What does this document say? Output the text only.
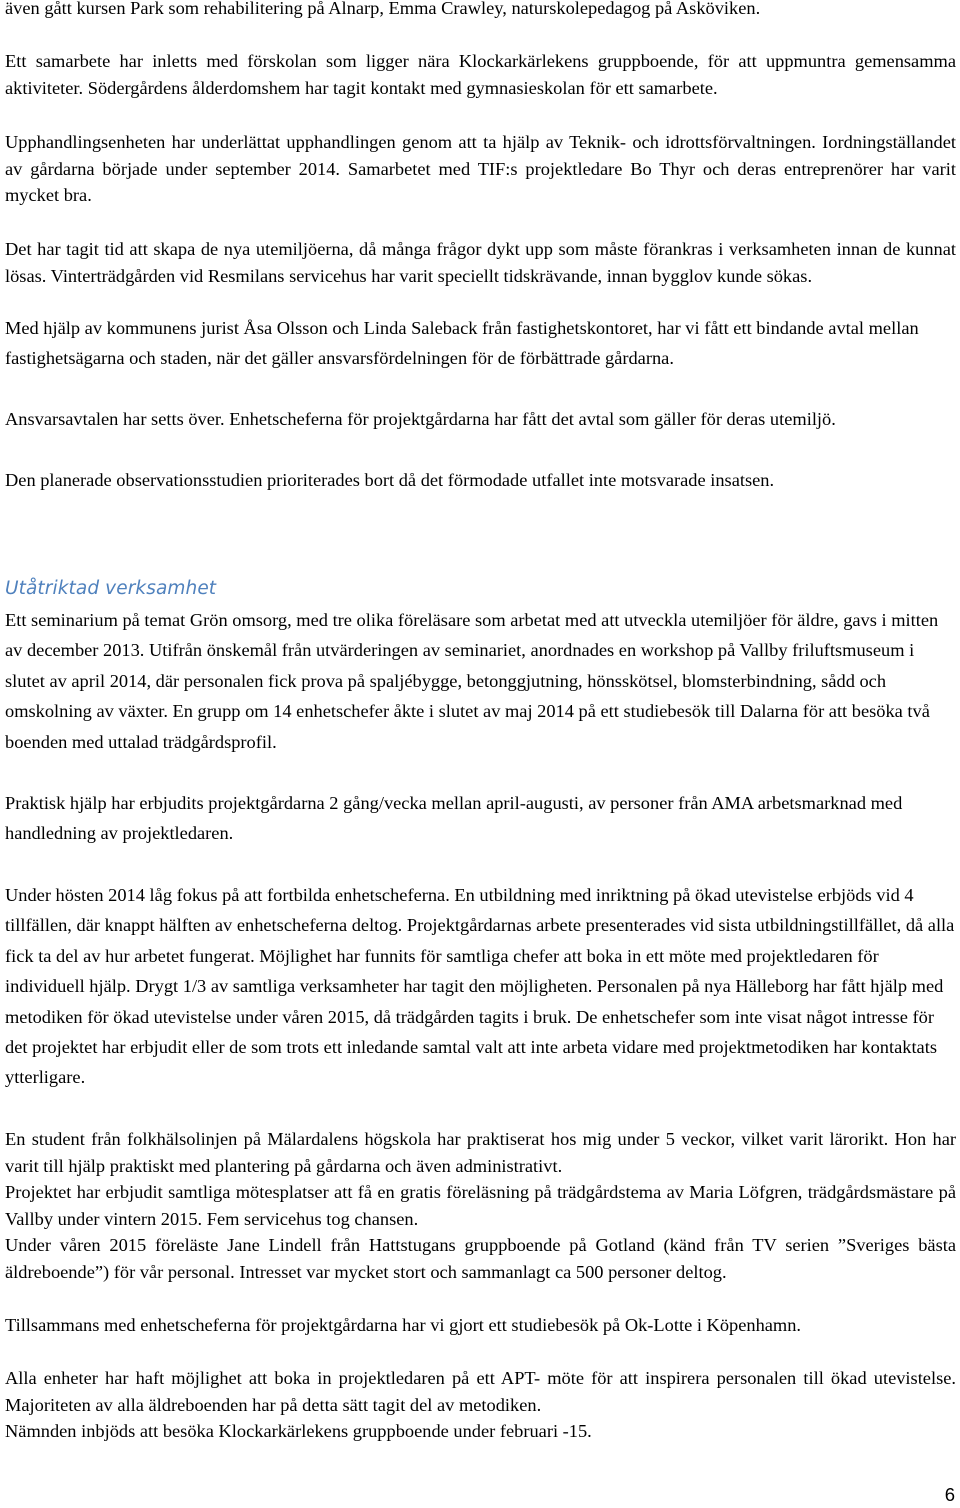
även gått kursen Park som rehabilitering på Alnarp, Emma Crawley, naturskolepedagog på Asköviken.

Ett samarbete har inletts med förskolan som ligger nära Klockarkärlekens gruppboende, för att uppmuntra gemensamma aktiviteter. Södergårdens ålderdomshem har tagit kontakt med gymnasieskolan för ett samarbete.

Upphandlingsenheten har underlättat upphandlingen genom att ta hjälp av Teknik- och idrottsförvaltningen. Iordningställandet av gårdarna började under september 2014. Samarbetet med TIF:s projektledare Bo Thyr och deras entreprenörer har varit mycket bra.

Det har tagit tid att skapa de nya utemiljöerna, då många frågor dykt upp som måste förankras i verksamheten innan de kunnat lösas. Vinterträdgården vid Resmilans servicehus har varit speciellt tidskrävande, innan bygglov kunde sökas.

Med hjälp av kommunens jurist Åsa Olsson och Linda Saleback från fastighetskontoret, har vi fått ett bindande avtal mellan fastighetsägarna och staden, när det gäller ansvarsfördelningen för de förbättrade gårdarna.

Ansvarsavtalen har setts över. Enhetscheferna för projektgårdarna har fått det avtal som gäller för deras utemiljö.

Den planerade observationsstudien prioriterades bort då det förmodade utfallet inte motsvarade insatsen.

Utåtriktad verksamhet

Ett seminarium på temat Grön omsorg, med tre olika föreläsare som arbetat med att utveckla utemiljöer för äldre, gavs i mitten av december 2013. Utifrån önskemål från utvärderingen av seminariet, anordnades en workshop på Vallby friluftsmuseum i slutet av april 2014, där personalen fick prova på spaljébygge, betonggjutning, hönsskötsel, blomsterbindning, sådd och omskolning av växter. En grupp om 14 enhetschefer åkte i slutet av maj 2014 på ett studiebesök till Dalarna för att besöka två boenden med uttalad trädgårdsprofil.

Praktisk hjälp har erbjudits projektgårdarna 2 gång/vecka mellan april-augusti, av personer från AMA arbetsmarknad med handledning av projektledaren.

Under hösten 2014 låg fokus på att fortbilda enhetscheferna. En utbildning med inriktning på ökad utevistelse erbjöds vid 4 tillfällen, där knappt hälften av enhetscheferna deltog. Projektgårdarnas arbete presenterades vid sista utbildningstillfället, då alla fick ta del av hur arbetet fungerat. Möjlighet har funnits för samtliga chefer att boka in ett möte med projektledaren för individuell hjälp. Drygt 1/3 av samtliga verksamheter har tagit den möjligheten. Personalen på nya Hälleborg har fått hjälp med metodiken för ökad utevistelse under våren 2015, då trädgården tagits i bruk. De enhetschefer som inte visat något intresse för det projektet har erbjudit eller de som trots ett inledande samtal valt att inte arbeta vidare med projektmetodiken har kontaktats ytterligare.

En student från folkhälsolinjen på Mälardalens högskola har praktiserat hos mig under 5 veckor, vilket varit lärorikt. Hon har varit till hjälp praktiskt med plantering på gårdarna och även administrativt.

Projektet har erbjudit samtliga mötesplatser att få en gratis föreläsning på trädgårdstema av Maria Löfgren, trädgårdsmästare på Vallby under vintern 2015. Fem servicehus tog chansen.

Under våren 2015 föreläste Jane Lindell från Hattstugans gruppboende på Gotland (känd från TV serien ”Sveriges bästa äldreboende”) för vår personal. Intresset var mycket stort och sammanlagt ca 500 personer deltog.

Tillsammans med enhetscheferna för projektgårdarna har vi gjort ett studiebesök på Ok-Lotte i Köpenhamn.

Alla enheter har haft möjlighet att boka in projektledaren på ett APT- möte för att inspirera personalen till ökad utevistelse. Majoriteten av alla äldreboenden har på detta sätt tagit del av metodiken.

Nämnden inbjöds att besöka Klockarkärlekens gruppboende under februari -15.

6
